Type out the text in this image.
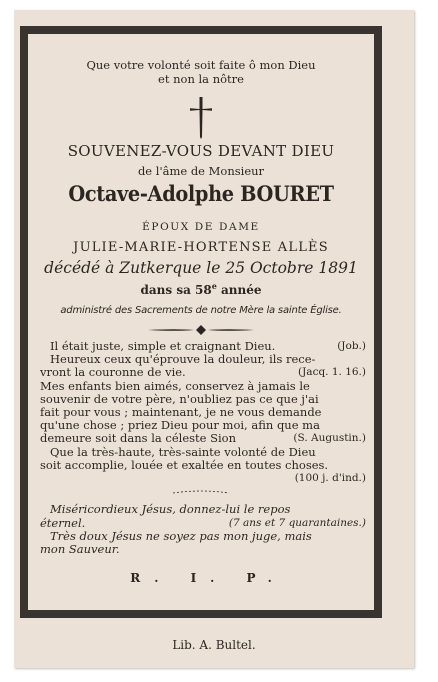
Que votre volonté soit faite ô mon Dieu
et non la nôtre
SOUVENEZ-VOUS DEVANT DIEU
de l'âme de Monsieur
Octave-Adolphe BOURET
ÉPOUX DE DAME
JULIE-MARIE-HORTENSE ALLÈS
décédé à Zutkerque le 25 Octobre 1891
dans sa 58e année
administré des Sacrements de notre Mère la sainte Église.
Il était juste, simple et craignant Dieu.	(Job.)
Heureux ceux qu'éprouve la douleur, ils rece-
vront la couronne de vie.	(Jacq. 1. 16.)
Mes enfants bien aimés, conservez à jamais le
souvenir de votre père, n'oubliez pas ce que j'ai
fait pour vous ; maintenant, je ne vous demande
qu'une chose ; priez Dieu pour moi, afin que ma
demeure soit dans la céleste Sion	(S. Augustin.)
Que la très-haute, très-sainte volonté de Dieu
soit accomplie, louée et exaltée en toutes choses.
(100 j. d'ind.)
Miséricordieux Jésus, donnez-lui le repos
éternel.	(7 ans et 7 quarantaines.)
Très doux Jésus ne soyez pas mon juge, mais
mon Sauveur.
R. I. P.
Lib. A. Bultel.
